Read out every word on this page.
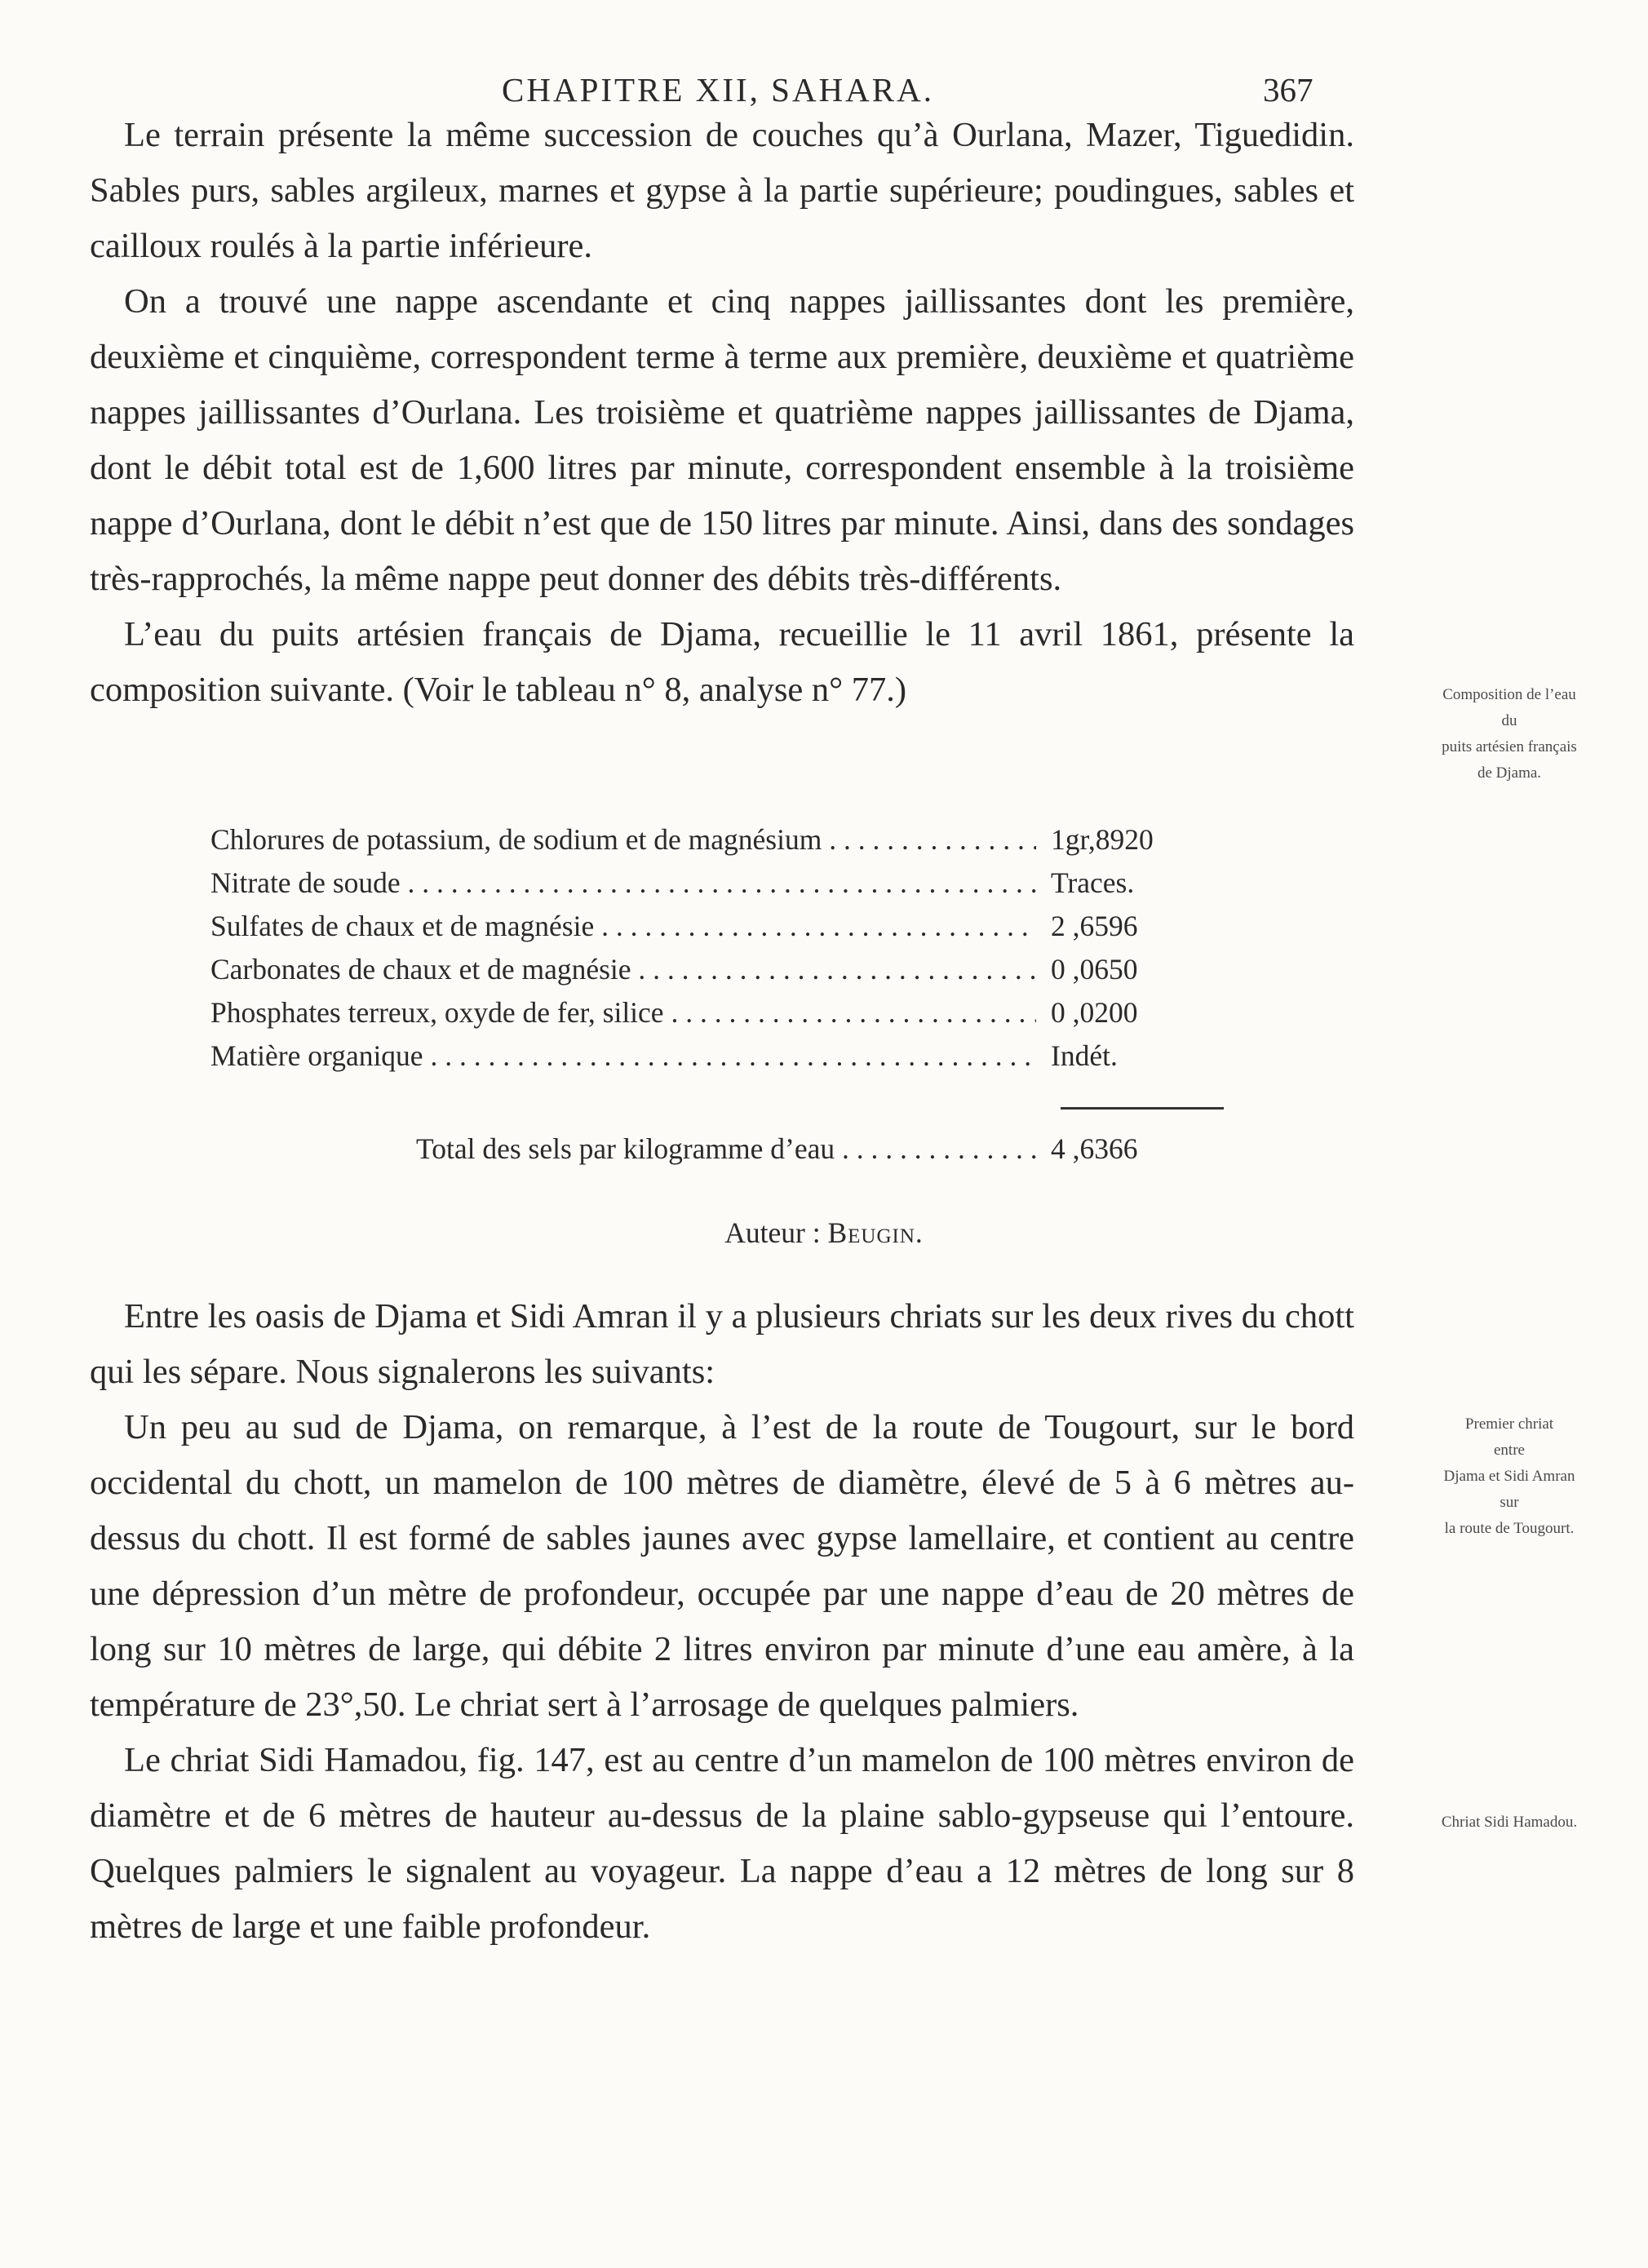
CHAPITRE XII, SAHARA.	367

Le terrain présente la même succession de couches qu’à Ourlana, Mazer, Tiguedidin. Sables purs, sables argileux, marnes et gypse à la partie supérieure; poudingues, sables et cailloux roulés à la partie inférieure.

On a trouvé une nappe ascendante et cinq nappes jaillissantes dont les première, deuxième et cinquième, correspondent terme à terme aux première, deuxième et quatrième nappes jaillissantes d’Ourlana. Les troisième et quatrième nappes jaillissantes de Djama, dont le débit total est de 1,600 litres par minute, correspondent ensemble à la troisième nappe d’Ourlana, dont le débit n’est que de 150 litres par minute. Ainsi, dans des sondages très-rapprochés, la même nappe peut donner des débits très-différents.

L’eau du puits artésien français de Djama, recueillie le 11 avril 1861, présente la composition suivante. (Voir le tableau n° 8, analyse n° 77.)	Composition de l’eau
du
puits artésien français
de Djama.
Chlorures de potassium, de sodium et de magnésium . . .	1gr,8920
Nitrate de soude . . .	Traces.
Sulfates de chaux et de magnésie . . .	2 ,6596
Carbonates de chaux et de magnésie . . .	0 ,0650
Phosphates terreux, oxyde de fer, silice . . .	0 ,0200
Matière organique . . .	Indét.
Total des sels par kilogramme d’eau . . .	4 ,6366
Auteur : Beugin.

Entre les oasis de Djama et Sidi Amran il y a plusieurs chriats sur les deux rives du chott qui les sépare. Nous signalerons les suivants:

Un peu au sud de Djama, on remarque, à l’est de la route de Tougourt, sur le bord occidental du chott, un mamelon de 100 mètres de diamètre, élevé de 5 à 6 mètres au-dessus du chott. Il est formé de sables jaunes avec gypse lamellaire, et contient au centre une dépression d’un mètre de profondeur, occupée par une nappe d’eau de 20 mètres de long sur 10 mètres de large, qui débite 2 litres environ par minute d’une eau amère, à la température de 23°,50. Le chriat sert à l’arrosage de quelques palmiers.

Le chriat Sidi Hamadou, fig. 147, est au centre d’un mamelon de 100 mètres environ de diamètre et de 6 mètres de hauteur au-dessus de la plaine sablo-gypseuse qui l’entoure. Quelques palmiers le signalent au voyageur. La nappe d’eau a 12 mètres de long sur 8 mètres de large et une faible profondeur.

Premier chriat
entre
Djama et Sidi Amran
sur
la route de Tougourt.
Chriat Sidi Hamadou.
